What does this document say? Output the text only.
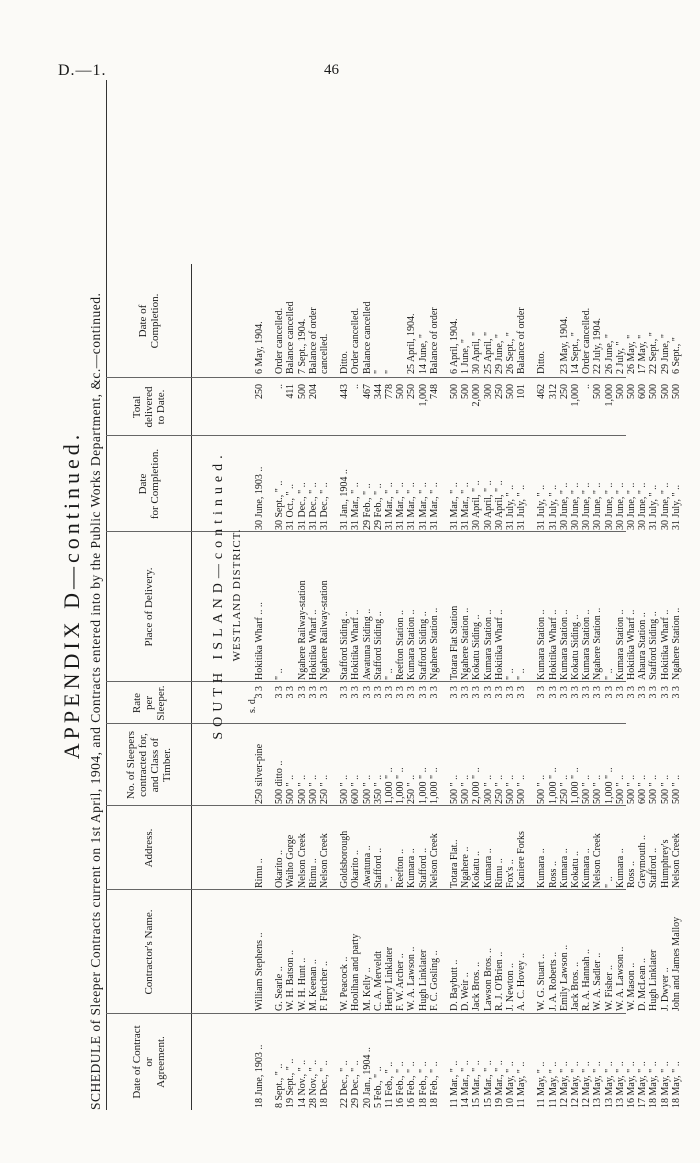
D.—1.	46
APPENDIX D—continued. SCHEDULE of Sleeper Contracts current on 1st April, 1904, and Contracts entered into by the Public Works Department, &c.—continued.	Date of Contract
or
Agreement.
Contractor's Name.
Address.
No. of Sleepers
contracted for,
and Class of
Timber.
Rate
per
Sleeper.
Place of Delivery.
Date
for Completion.
Total
delivered
to Date.
Date of
Completion.
SOUTH ISLAND—continued. WESTLAND DISTRICT.
s. d.
18 June, 1903 ..
William Stephens ..
Rimu ..
250 silver-pine
3 3
Hokitika Wharf .. ..
30 June, 1903 ..
250
6 May, 1904.
8 Sept., " ..
G. Searle ..
Okarito ..
500 ditto ..
3 3
" ..
30 Sept., " ..
..
Order cancelled.
19 Sept., " ..
W. H. Batson ..
Waiho Gorge
500 " ..
3 3
31 Oct., " ..
411
Balance cancelled
14 Nov., " ..
W. H. Hunt ..
Nelson Creek
500 " ..
3 3
Ngahere Railway-station
31 Dec., " ..
500
7 Sept., 1904.
28 Nov., " ..
M. Keenan ..
Rimu ..
500 " ..
3 3
Hokitika Wharf ..
31 Dec., " ..
204
Balance of order
18 Dec., " ..
F. Fletcher ..
Nelson Creek
250 " ..
3 3
Ngahere Railway-station
31 Dec., " ..
cancelled.
22 Dec., " ..
W. Peacock ..
Goldsborough
500 " ..
3 3
Stafford Siding ..
31 Jan., 1904 ..
443
Ditto.
29 Dec., " ..
Hoolihan and party
Okarito ..
600 " ..
3 3
Hokitika Wharf ..
31 Mar., " ..
..
Order cancelled.
20 Jan., 1904 ..
M. Kelly ..
Awatuna ..
500 " ..
3 3
Awatuna Siding ..
29 Feb., " ..
467
Balance cancelled
5 Feb., " ..
C. A. Merveldt
Stafford ..
350 " ..
3 3
Stafford Siding ..
29 Feb., " ..
344
"
11 Feb., " ..
Henry Linklater
" ..
1,000 " ..
3 3
" ..
31 Mar., " ..
778
"
16 Feb., " ..
F. W. Archer ..
Reefton ..
1,000 " ..
3 3
Reefton Station ..
31 Mar., " ..
500
16 Feb., " ..
W. A. Lawson ..
Kumara ..
250 " ..
3 3
Kumara Station ..
31 Mar., " ..
250
25 April, 1904.
18 Feb., " ..
Hugh Linklater
Stafford ..
1,000 " ..
3 3
Stafford Siding ..
31 Mar., " ..
1,000
14 June, "
18 Feb., " ..
F. C. Gosling ..
Nelson Creek
1,000 " ..
3 3
Ngahere Station ..
31 Mar., " ..
748
Balance of order
11 Mar., " ..
D. Baybutt ..
Totara Flat..
500 " ..
3 3
Totara Flat Station
31 Mar., " ..
500
6 April, 1904.
14 Mar., " ..
D. Weir ..
Ngahere ..
500 " ..
3 3
Ngahere Station ..
31 Mar., " ..
500
1 June, "
15 Mar., " ..
Jack Bros. ..
Kokatu ..
2,000 " ..
3 3
Kokatu Siding ..
30 April, " ..
2,000
30 April, "
15 Mar., " ..
Lawson Bros. ..
Kumara ..
300 " ..
3 3
Kumara Station ..
30 April, " ..
300
25 April, "
19 Mar., " ..
R. J. O'Brien ..
Rimu ..
250 " ..
3 3
Hokitika Wharf ..
30 April, " ..
250
29 June, "
10 May, " ..
J. Newton ..
Fox's ..
500 " ..
3 3
" ..
31 July, " ..
500
26 Sept., "
11 May, " ..
A. C. Hovey ..
Kaniere Forks
500 " ..
3 3
" ..
31 July, " ..
101
Balance of order
11 May, " ..
W. G. Stuart ..
Kumara ..
500 " ..
3 3
Kumara Station ..
31 July, " ..
462
Ditto.
11 May, " ..
J. A. Roberts ..
Ross ..
1,000 " ..
3 3
Hokitika Wharf ..
31 July, " ..
312
12 May, " ..
Emily Lawson ..
Kumara ..
250 " ..
3 3
Kumara Station ..
30 June, " ..
250
23 May, 1904.
12 May, " ..
Jack Bros. ..
Kokatu ..
1,000 " ..
3 3
Kokatu Siding ..
30 June, " ..
1,000
14 Sept., "
12 May, " ..
R. A. Hannah ..
Kumara ..
500 " ..
3 3
Kumara Station ..
30 June, " ..
..
Order cancelled.
13 May, " ..
W. A. Sadler ..
Nelson Creek
500 " ..
3 3
Ngahere Station ..
30 June, " ..
500
22 July, 1904.
13 May, " ..
W. Fisher ..
" ..
1,000 " ..
3 3
" ..
30 June, " ..
1,000
26 June, "
13 May, " ..
W. A. Lawson ..
Kumara ..
500 " ..
3 3
Kumara Station ..
30 June, " ..
500
2 July, "
16 May, " ..
W. Mason ..
Ross ..
500 " ..
3 3
Hokitika Wharf ..
30 June, " ..
500
26 May, "
17 May, " ..
D. McLean ..
Greymouth ..
600 " ..
3 3
Ahaura Station ..
30 June, " ..
600
17 May, "
18 May, " ..
Hugh Linklater
Stafford ..
500 " ..
3 3
Stafford Siding ..
31 July, " ..
500
22 Sept., "
18 May, " ..
J. Dwyer ..
Humphrey's
500 " ..
3 3
Hokitika Wharf ..
30 June, " ..
500
29 June, "
18 May, " ..
John and James Malloy
Nelson Creek
500 " ..
3 3
Ngahere Station ..
31 July, " ..
500
6 Sept., "
